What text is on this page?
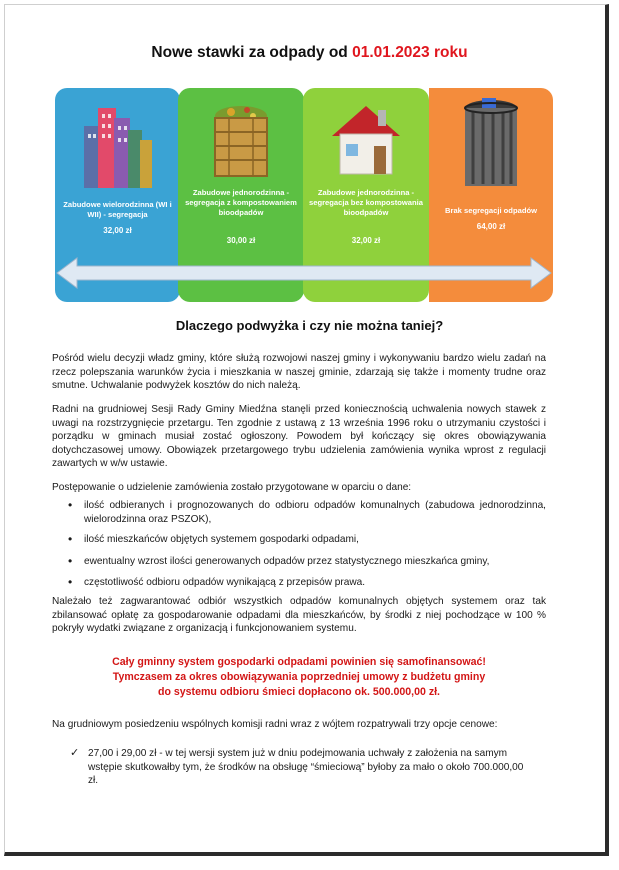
Nowe stawki za odpady od 01.01.2023 roku
Zabudowe wielorodzinna (WI i WII) - segregacja
32,00 zł
Zabudowe jednorodzinna - segregacja z kompostowaniem bioodpadów
30,00 zł
Zabudowe jednorodzinna - segregacja bez kompostowania bioodpadów
32,00 zł
Brak segregacji odpadów
64,00 zł
Dlaczego podwyżka i czy nie można taniej?
Pośród wielu decyzji władz gminy, które służą rozwojowi naszej gminy i wykonywaniu bardzo wielu zadań na rzecz polepszania warunków życia i mieszkania w naszej gminie, zdarzają się także i momenty trudne oraz smutne. Uchwalanie podwyżek kosztów do nich należą.
Radni na grudniowej Sesji Rady Gminy Miedźna stanęli przed koniecznością uchwalenia nowych stawek z uwagi na rozstrzygnięcie przetargu. Ten zgodnie z ustawą z 13 września 1996 roku o utrzymaniu czystości i porządku w gminach musiał zostać ogłoszony. Powodem był kończący się okres obowiązywania dotychczasowej umowy. Obowiązek przetargowego trybu udzielenia zamówienia wynika wprost z regulacji zawartych w w/w ustawie.
Postępowanie o udzielenie zamówienia zostało przygotowane w oparciu o dane:
• ilość odbieranych i prognozowanych do odbioru odpadów komunalnych (zabudowa jednorodzinna, wielorodzinna oraz PSZOK),
• ilość mieszkańców objętych systemem gospodarki odpadami,
• ewentualny wzrost ilości generowanych odpadów przez statystycznego mieszkańca gminy,
• częstotliwość odbioru odpadów wynikającą z przepisów prawa.
Należało też zagwarantować odbiór wszystkich odpadów komunalnych objętych systemem oraz tak zbilansować opłatę za gospodarowanie odpadami dla mieszkańców, by środki z niej pochodzące w 100 % pokryły wydatki związane z organizacją i funkcjonowaniem systemu.
Cały gminny system gospodarki odpadami powinien się samofinansować!
Tymczasem za okres obowiązywania poprzedniej umowy z budżetu gminy
do systemu odbioru śmieci dopłacono ok. 500.000,00 zł.
Na grudniowym posiedzeniu wspólnych komisji radni wraz z wójtem rozpatrywali trzy opcje cenowe:
✓ 27,00 i 29,00 zł - w tej wersji system już w dniu podejmowania uchwały z założenia na samym wstępie skutkowałby tym, że środków na obsługę “śmieciową” byłoby za mało o około 700.000,00 zł.
